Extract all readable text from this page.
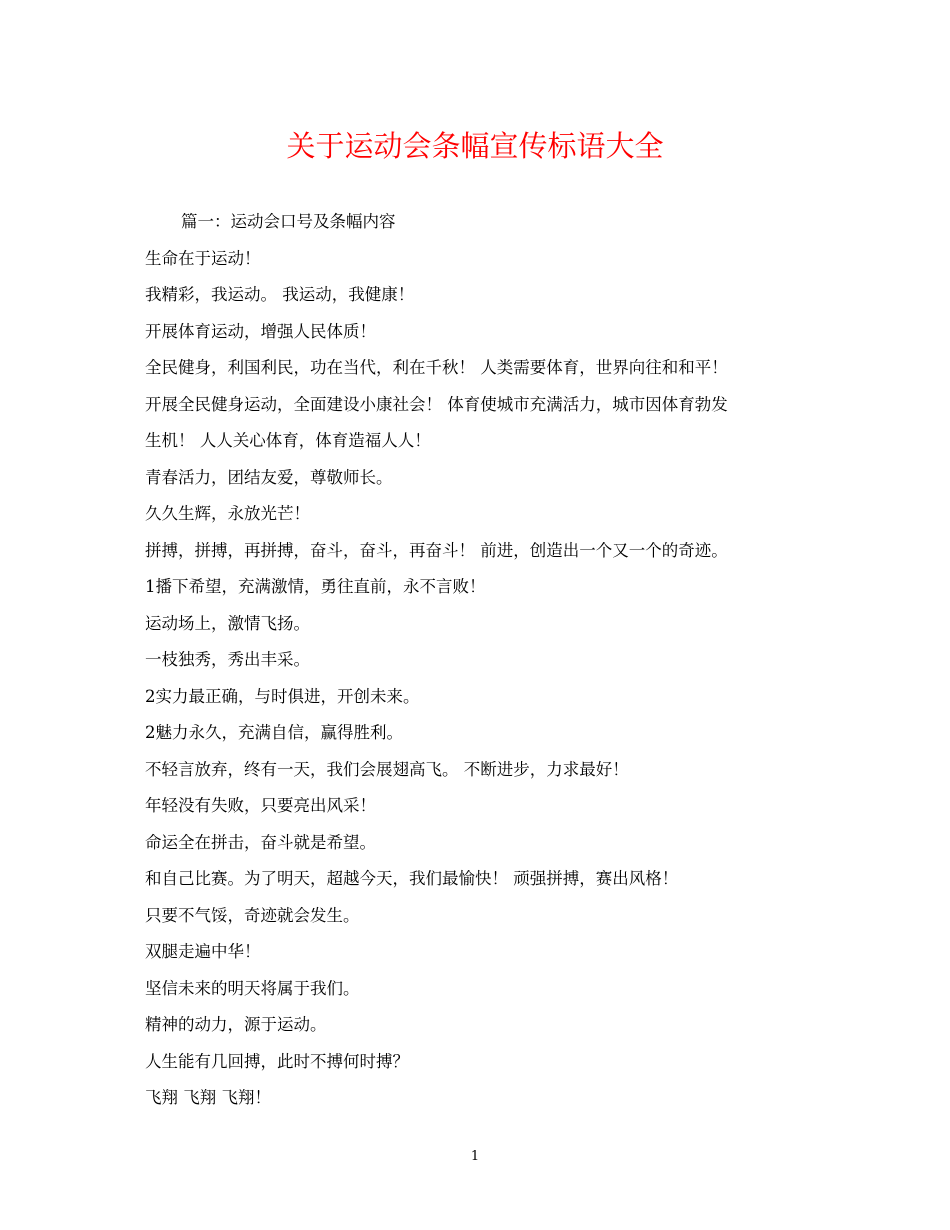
关于运动会条幅宣传标语大全

篇一：运动会口号及条幅内容

生命在于运动！

我精彩，我运动。 我运动，我健康！

开展体育运动，增强人民体质！

全民健身，利国利民，功在当代，利在千秋！ 人类需要体育，世界向往和和平！

开展全民健身运动，全面建设小康社会！ 体育使城市充满活力，城市因体育勃发

生机！ 人人关心体育，体育造福人人！

青春活力，团结友爱，尊敬师长。

久久生辉，永放光芒！

拼搏，拼搏，再拼搏，奋斗，奋斗，再奋斗！ 前进，创造出一个又一个的奇迹。

1播下希望，充满激情，勇往直前，永不言败！

运动场上，激情飞扬。

一枝独秀，秀出丰采。

2实力最正确，与时俱进，开创未来。

2魅力永久，充满自信，赢得胜利。

不轻言放弃，终有一天，我们会展翅高飞。 不断进步，力求最好！

年轻没有失败，只要亮出风采！

命运全在拼击，奋斗就是希望。

和自己比赛。为了明天，超越今天，我们最愉快！ 顽强拼搏，赛出风格！

只要不气馁，奇迹就会发生。

双腿走遍中华！

坚信未来的明天将属于我们。

精神的动力，源于运动。

人生能有几回搏，此时不搏何时搏？

飞翔 飞翔 飞翔！

1
